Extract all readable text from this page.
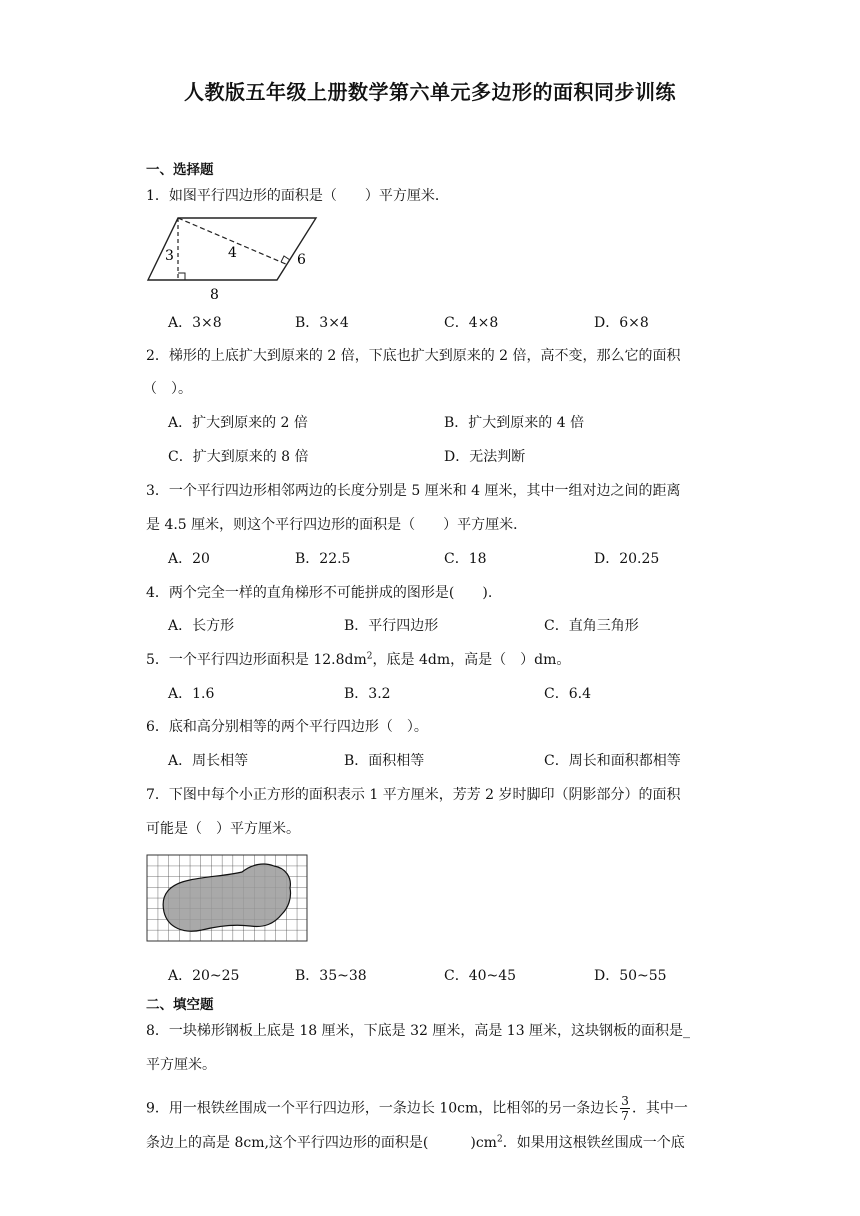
人教版五年级上册数学第六单元多边形的面积同步训练
一、选择题
1．如图平行四边形的面积是（　　）平方厘米．
3	4	6
8
A．3×8	B．3×4	C．4×8	D．6×8
2．梯形的上底扩大到原来的 2 倍，下底也扩大到原来的 2 倍，高不变，那么它的面积
（　）。
A．扩大到原来的 2 倍	B．扩大到原来的 4 倍
C．扩大到原来的 8 倍	D．无法判断
3．一个平行四边形相邻两边的长度分别是 5 厘米和 4 厘米，其中一组对边之间的距离
是 4.5 厘米，则这个平行四边形的面积是（　　）平方厘米．
A．20	B．22.5	C．18	D．20.25
4．两个完全一样的直角梯形不可能拼成的图形是(　　).
A．长方形	B．平行四边形	C．直角三角形
5．一个平行四边形面积是 $12.8dm^2$，底是 4dm，高是（　）dm。
A．1.6	B．3.2	C．6.4
6．底和高分别相等的两个平行四边形（　）。
A．周长相等	B．面积相等	C．周长和面积都相等
7．下图中每个小正方形的面积表示 1 平方厘米，芳芳 2 岁时脚印（阴影部分）的面积
可能是（　）平方厘米。
A．20~25	B．35~38	C．40~45	D．50~55
二、填空题
8．一块梯形钢板上底是 18 厘米，下底是 32 厘米，高是 13 厘米，这块钢板的面积是_
平方厘米。
9．用一根铁丝围成一个平行四边形，一条边长 10cm，比相邻的另一条边长 $\frac{3}{7}$ ．其中一
条边上的高是 8cm,这个平行四边形的面积是(　　　)$cm^2$．如果用这根铁丝围成一个底
